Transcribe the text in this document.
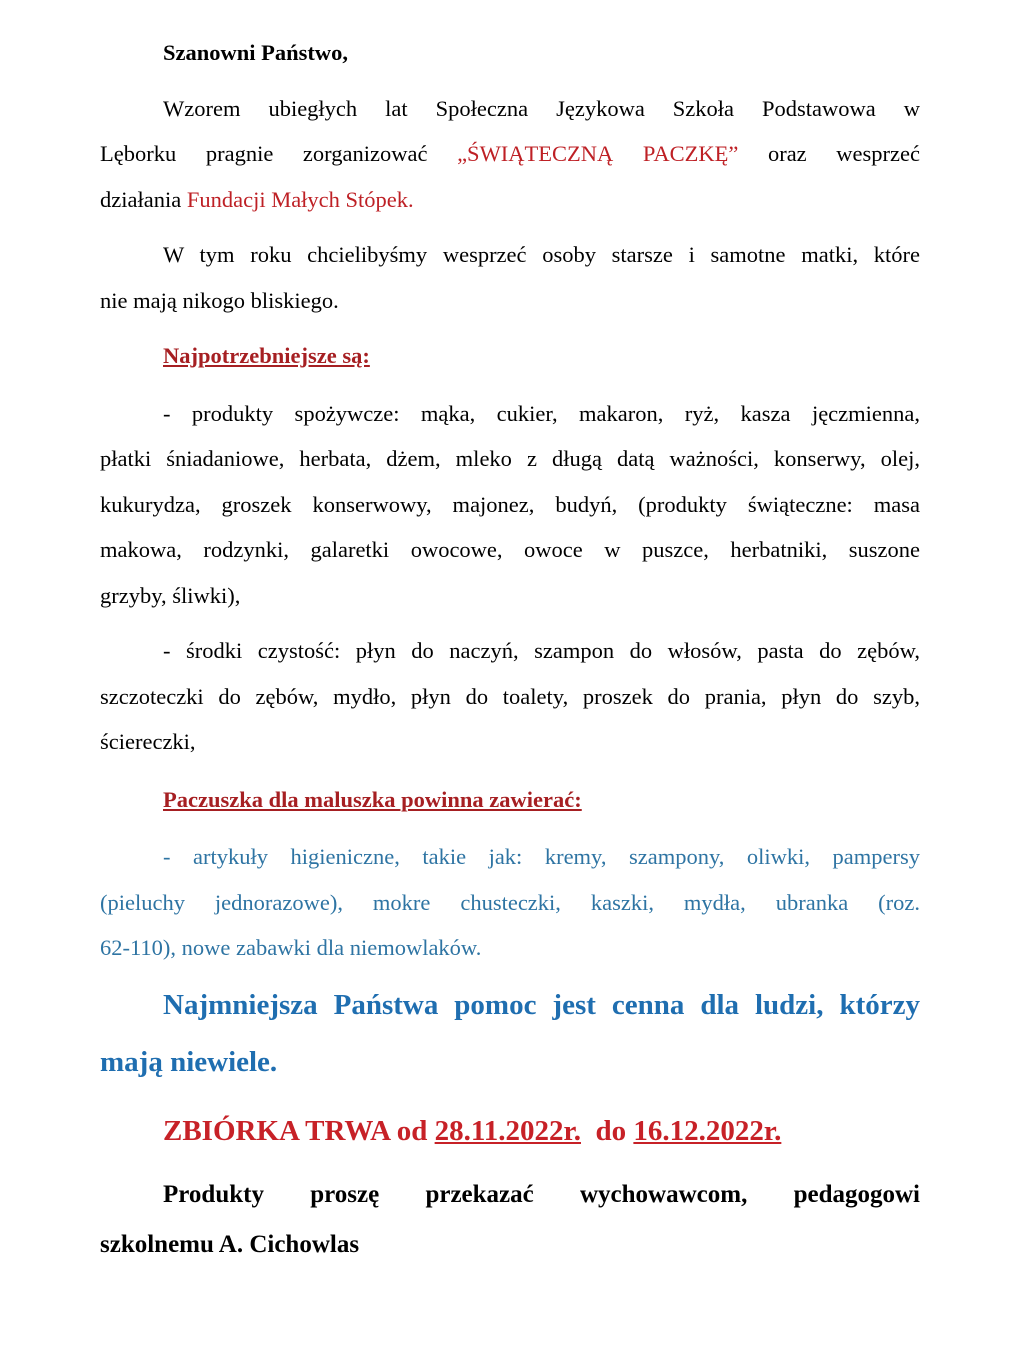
Szanowni Państwo,

Wzorem ubiegłych lat Społeczna Językowa Szkoła Podstawowa w
Lęborku pragnie zorganizować „ŚWIĄTECZNĄ PACZKĘ” oraz wesprzeć
działania Fundacji Małych Stópek.
W tym roku chcielibyśmy wesprzeć osoby starsze i samotne matki, które
nie mają nikogo bliskiego.

Najpotrzebniejsze są:

- produkty spożywcze: mąka, cukier, makaron, ryż, kasza jęczmienna,
płatki śniadaniowe, herbata, dżem, mleko z długą datą ważności, konserwy, olej,
kukurydza, groszek konserwowy, majonez, budyń, (produkty świąteczne: masa
makowa, rodzynki, galaretki owocowe, owoce w puszce, herbatniki, suszone
grzyby, śliwki),
- środki czystość: płyn do naczyń, szampon do włosów, pasta do zębów,
szczoteczki do zębów, mydło, płyn do toalety, proszek do prania, płyn do szyb,
ściereczki,

Paczuszka dla maluszka powinna zawierać:

- artykuły higieniczne, takie jak: kremy, szampony, oliwki, pampersy
(pieluchy jednorazowe), mokre chusteczki, kaszki, mydła, ubranka (roz.
62-110), nowe zabawki dla niemowlaków.
Najmniejsza Państwa pomoc jest cenna dla ludzi, którzy
mają niewiele.

ZBIÓRKA TRWA od 28.11.2022r.  do 16.12.2022r.

Produkty proszę przekazać wychowawcom, pedagogowi
szkolnemu A. Cichowlas
